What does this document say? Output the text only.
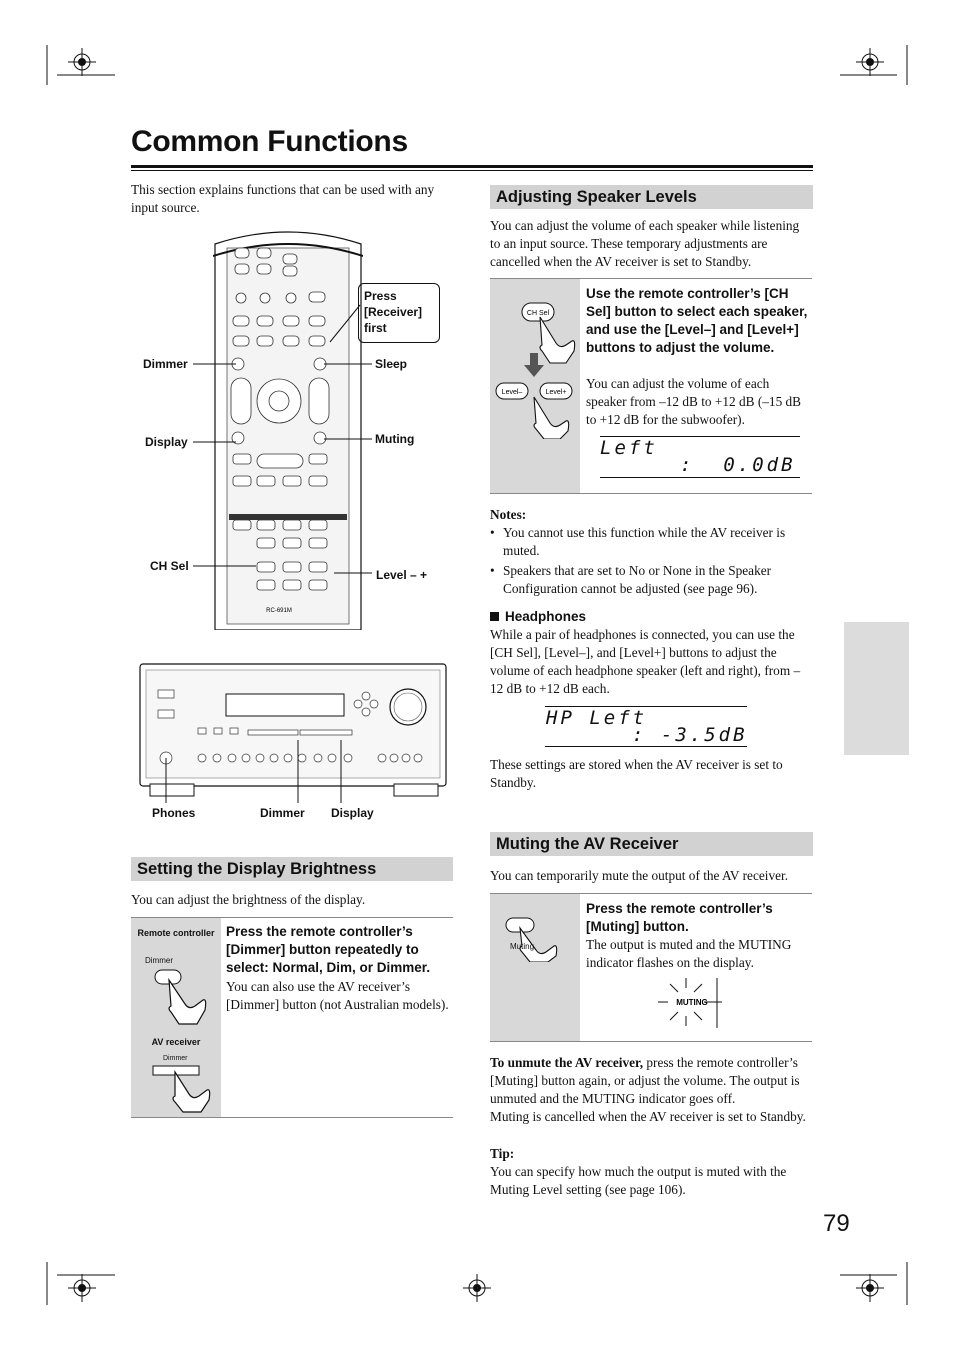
Common Functions
This section explains functions that can be used with any input source.
RC-691M
Dimmer
Display
CH Sel
Sleep
Muting
Level – +
Press [Receiver] first
Phones	Dimmer Display
Setting the Display Brightness
You can adjust the brightness of the display.
Remote controller
Dimmer
AV receiver
Dimmer
Press the remote controller’s [Dimmer] button repeatedly to select: Normal, Dim, or Dimmer.
You can also use the AV receiver’s [Dimmer] button (not Australian models).
Adjusting Speaker Levels
You can adjust the volume of each speaker while listening to an input source. These temporary adjustments are cancelled when the AV receiver is set to Standby.
CH Sel
Level–	Level+
Use the remote controller’s [CH Sel] button to select each speaker, and use the [Level–] and [Level+] buttons to adjust the volume.
You can adjust the volume of each speaker from –12 dB to +12 dB (–15 dB to +12 dB for the subwoofer).
Left
:  0.0dB
Notes:
• You cannot use this function while the AV receiver is muted.
• Speakers that are set to No or None in the Speaker Configuration cannot be adjusted (see page 96).
Headphones
While a pair of headphones is connected, you can use the [CH Sel], [Level–], and [Level+] buttons to adjust the volume of each headphone speaker (left and right), from –12 dB to +12 dB each.
HP Left
: -3.5dB
These settings are stored when the AV receiver is set to Standby.
Muting the AV Receiver
You can temporarily mute the output of the AV receiver.
Muting
Press the remote controller’s [Muting] button.
The output is muted and the MUTING indicator flashes on the display.
MUTING
To unmute the AV receiver, press the remote controller’s [Muting] button again, or adjust the volume. The output is unmuted and the MUTING indicator goes off.
Muting is cancelled when the AV receiver is set to Standby.
Tip:
You can specify how much the output is muted with the Muting Level setting (see page 106).
79
